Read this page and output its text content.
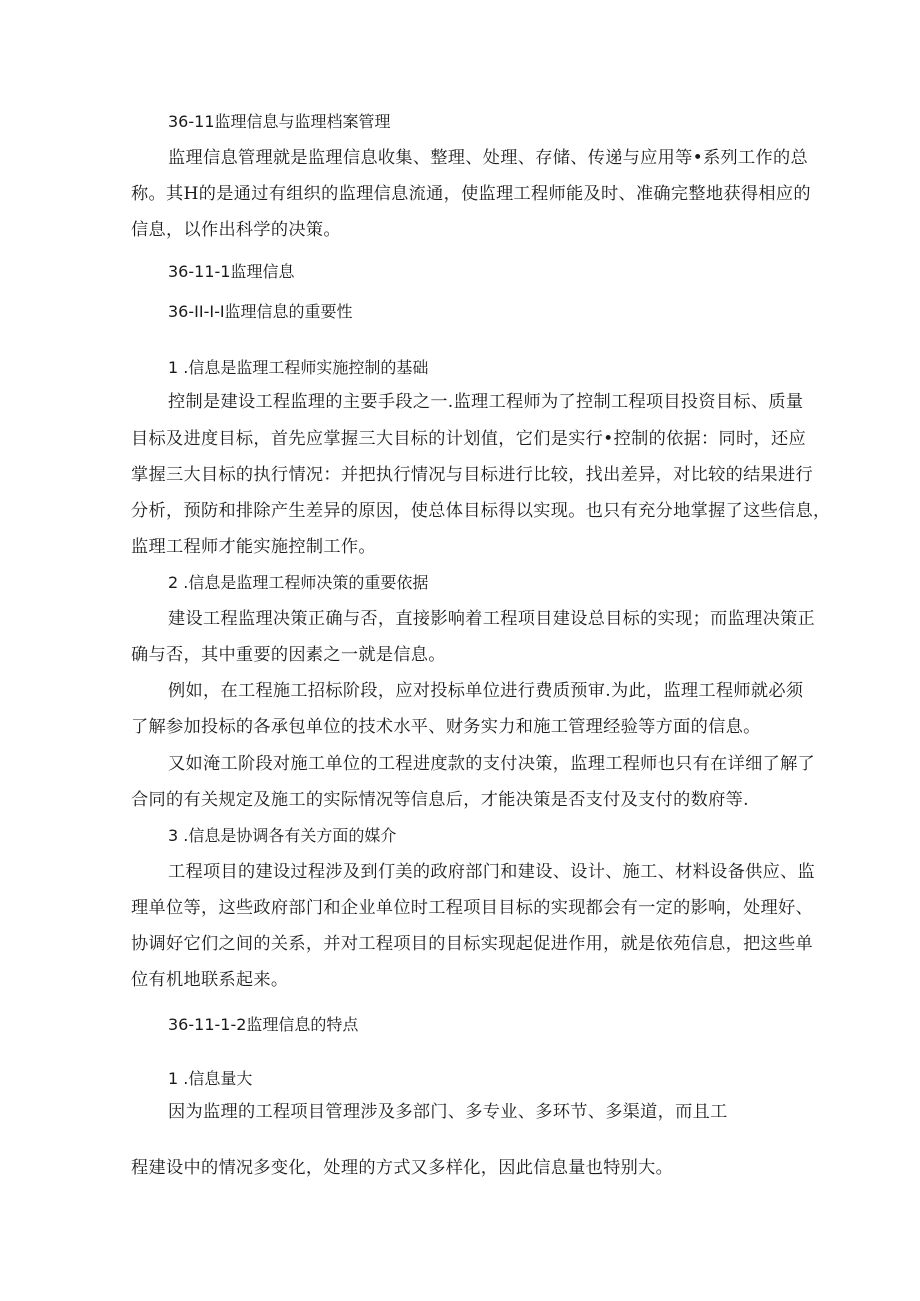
36-11监理信息与监理档案管理
监理信息管理就是监理信息收集、整理、处理、存储、传递与应用等•系列工作的总
称。其H的是通过有组织的监理信息流通，使监理工程师能及时、准确完整地获得相应的
信息，以作出科学的决策。
36-11-1监理信息
36-II-I-I监理信息的重要性
1 .信息是监理工程师实施控制的基础
控制是建设工程监理的主要手段之一.监理工程师为了控制工程项目投资目标、质量
目标及进度目标，首先应掌握三大目标的计划值，它们是实行•控制的依据：同时，还应
掌握三大目标的执行情况：并把执行情况与目标进行比较，找出差异，对比较的结果进行
分析，预防和排除产生差异的原因，使总体目标得以实现。也只有充分地掌握了这些信息，
监理工程师才能实施控制工作。
2 .信息是监理工程师决策的重要依据
建设工程监理决策正确与否，直接影响着工程项目建设总目标的实现；而监理决策正
确与否，其中重要的因素之一就是信息。
例如，在工程施工招标阶段，应对投标单位进行费质预审.为此，监理工程师就必须
了解参加投标的各承包单位的技术水平、财务实力和施工管理经验等方面的信息。
又如淹工阶段对施工单位的工程进度款的支付决策，监理工程师也只有在详细了解了
合同的有关规定及施工的实际情况等信息后，才能决策是否支付及支付的数府等.
3 .信息是协调各有关方面的媒介
工程项目的建设过程涉及到仃美的政府部门和建设、设计、施工、材料设备供应、监
理单位等，这些政府部门和企业单位时工程项目目标的实现都会有一定的影响，处理好、
协调好它们之间的关系，并对工程项目的目标实现起促进作用，就是依苑信息，把这些单
位有机地联系起来。
36-11-1-2监理信息的特点
1 .信息量大
因为监理的工程项目管理涉及多部门、多专业、多环节、多渠道，而且工
程建设中的情况多变化，处理的方式又多样化，因此信息量也特别大。
